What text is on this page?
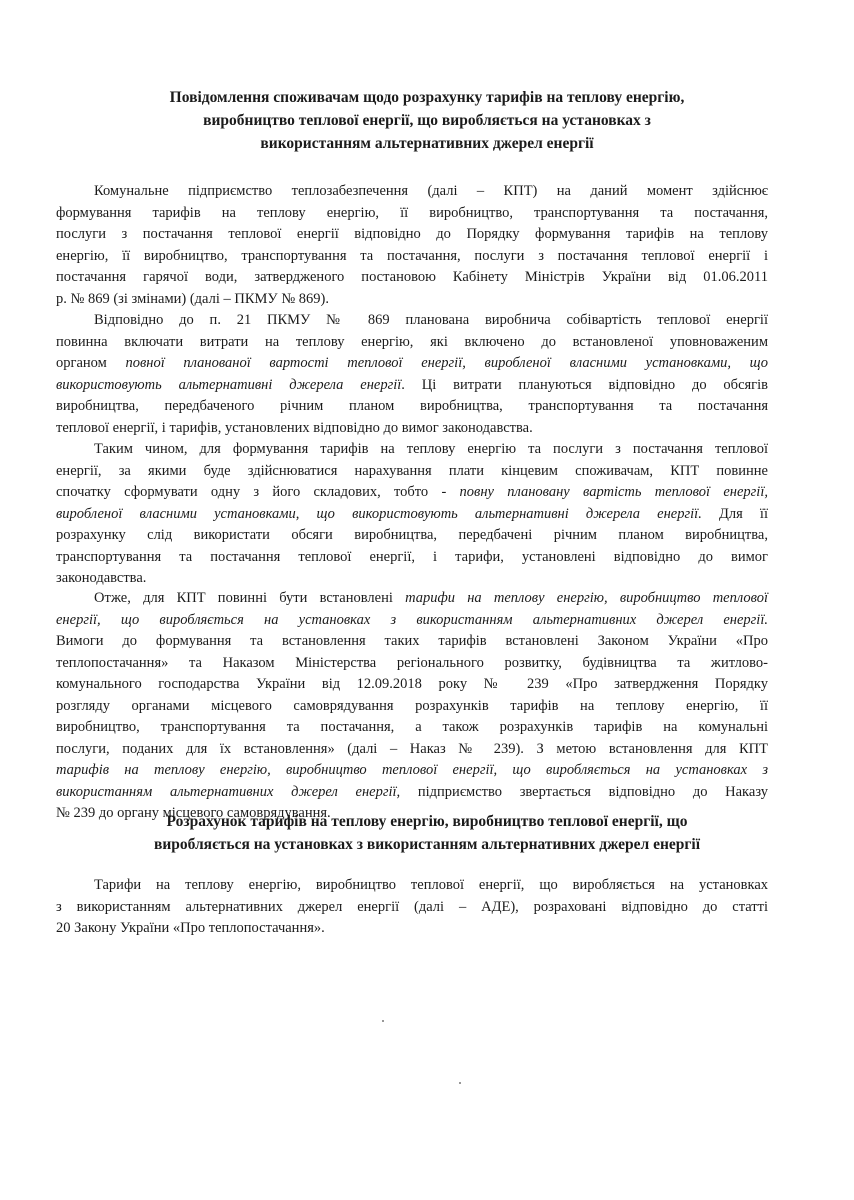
Повідомлення споживачам щодо розрахунку тарифів на теплову енергію,
виробництво теплової енергії, що виробляється на установках з
використанням альтернативних джерел енергії
Комунальне підприємство теплозабезпечення (далі – КПТ) на даний момент здійснює
формування тарифів на теплову енергію, її виробництво, транспортування та постачання,
послуги з постачання теплової енергії відповідно до Порядку формування тарифів на теплову
енергію, її виробництво, транспортування та постачання, послуги з постачання теплової енергії і
постачання гарячої води, затвердженого постановою Кабінету Міністрів України від 01.06.2011
р. № 869 (зі змінами) (далі – ПКМУ № 869).
Відповідно до п. 21 ПКМУ № 869 планована виробнича собівартість теплової енергії
повинна включати витрати на теплову енергію, які включено до встановленої уповноваженим
органом повної планованої вартості теплової енергії, виробленої власними установками, що
використовують альтернативні джерела енергії. Ці витрати плануються відповідно до обсягів
виробництва, передбаченого річним планом виробництва, транспортування та постачання
теплової енергії, і тарифів, установлених відповідно до вимог законодавства.
Таким чином, для формування тарифів на теплову енергію та послуги з постачання теплової
енергії, за якими буде здійснюватися нарахування плати кінцевим споживачам, КПТ повинне
спочатку сформувати одну з його складових, тобто - повну плановану вартість теплової енергії,
виробленої власними установками, що використовують альтернативні джерела енергії. Для її
розрахунку слід використати обсяги виробництва, передбачені річним планом виробництва,
транспортування та постачання теплової енергії, і тарифи, установлені відповідно до вимог
законодавства.
Отже, для КПТ повинні бути встановлені тарифи на теплову енергію, виробництво теплової
енергії, що виробляється на установках з використанням альтернативних джерел енергії.
Вимоги до формування та встановлення таких тарифів встановлені Законом України «Про
теплопостачання» та Наказом Міністерства регіонального розвитку, будівництва та житлово-
комунального господарства України від 12.09.2018 року № 239 «Про затвердження Порядку
розгляду органами місцевого самоврядування розрахунків тарифів на теплову енергію, її
виробництво, транспортування та постачання, а також розрахунків тарифів на комунальні
послуги, поданих для їх встановлення» (далі – Наказ № 239). З метою встановлення для КПТ
тарифів на теплову енергію, виробництво теплової енергії, що виробляється на установках з
використанням альтернативних джерел енергії, підприємство звертається відповідно до Наказу
№ 239 до органу місцевого самоврядування.
Розрахунок тарифів на теплову енергію, виробництво теплової енергії, що
виробляється на установках з використанням альтернативних джерел енергії
Тарифи на теплову енергію, виробництво теплової енергії, що виробляється на установках
з використанням альтернативних джерел енергії (далі – АДЕ), розраховані відповідно до статті
20 Закону України «Про теплопостачання».
